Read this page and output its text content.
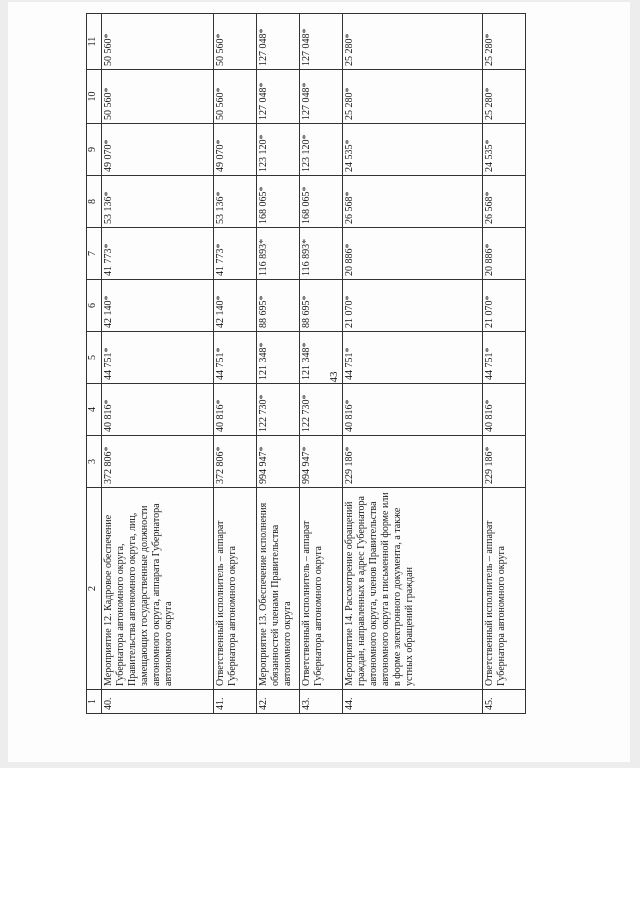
43
1	2	3	4	5	6	7	8	9	10	11
40.	Мероприятие 12. Кадровое обеспечение Губернатора автономного округа, Правительства автономного округа, лиц, замещающих государственные должности автономного округа, аппарата Губернатора автономного округа	372 806*	40 816*	44 751*	42 140*	41 773*	53 136*	49 070*	50 560*	50 560*
41.	Ответственный исполнитель – аппарат Губернатора автономного округа	372 806*	40 816*	44 751*	42 140*	41 773*	53 136*	49 070*	50 560*	50 560*
42.	Мероприятие 13. Обеспечение исполнения обязанностей членами Правительства автономного округа	994 947*	122 730*	121 348*	88 695*	116 893*	168 065*	123 120*	127 048*	127 048*
43.	Ответственный исполнитель – аппарат Губернатора автономного округа	994 947*	122 730*	121 348*	88 695*	116 893*	168 065*	123 120*	127 048*	127 048*
44.	Мероприятие 14. Рассмотрение обращений граждан, направленных в адрес Губернатора автономного округа, членов Правительства автономного округа в письменной форме или в форме электронного документа, а также устных обращений граждан	229 186*	40 816*	44 751*	21 070*	20 886*	26 568*	24 535*	25 280*	25 280*
45.	Ответственный исполнитель – аппарат Губернатора автономного округа	229 186*	40 816*	44 751*	21 070*	20 886*	26 568*	24 535*	25 280*	25 280*
